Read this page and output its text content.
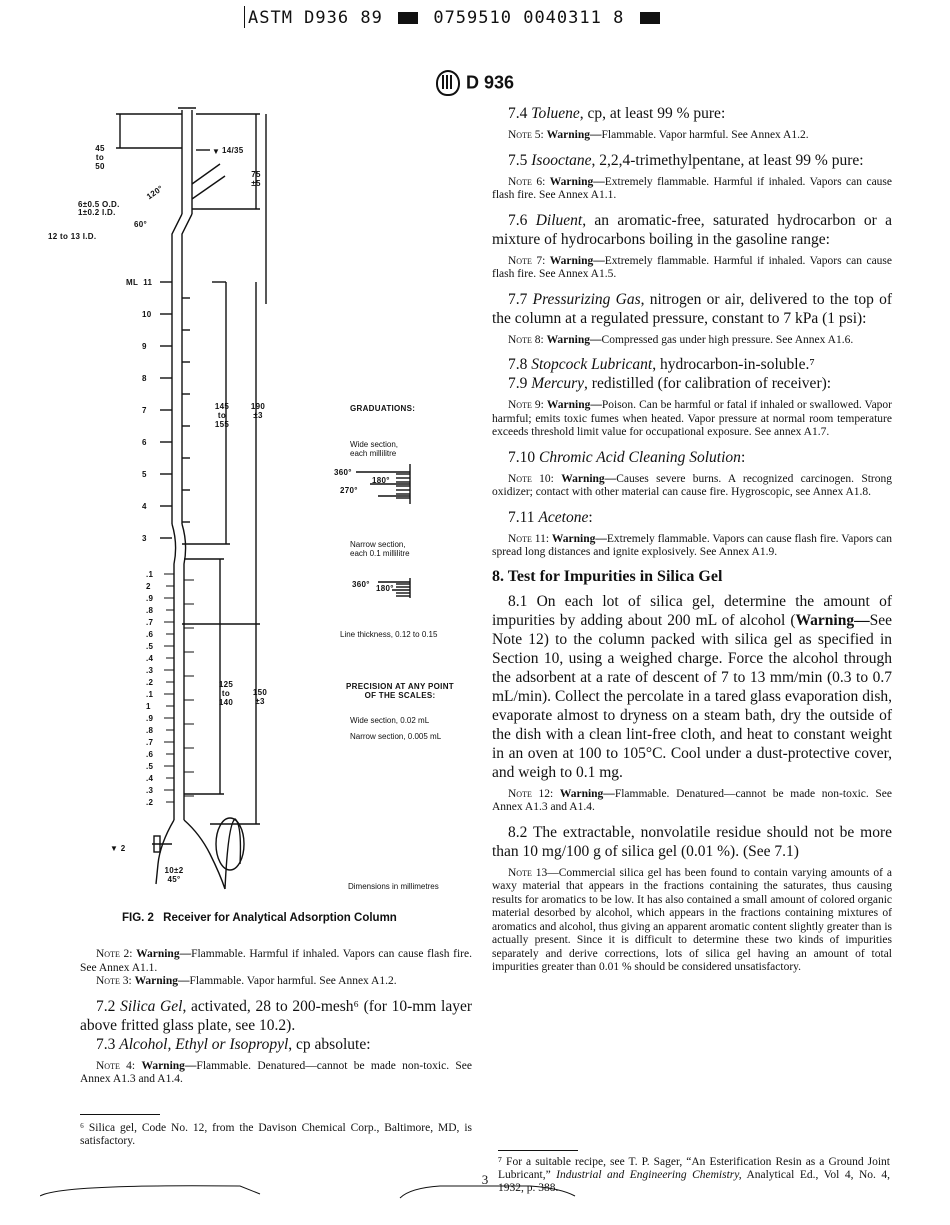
ASTM D936 89	0759510 0040311 8
D 936
▼
45
to
50
14/35
75
±5
6±0.5 O.D.
1±0.2 I.D.
12 to 13 I.D.
60°
120°
ML 11
10
9
8
7
6
5
4
3
.1
2
.9
.8
.7
.6
.5
.4
.3
.2
.1
1
.9
.8
.7
.6
.5
.4
.3
.2
145
to
155
190
±3
125
to
140
150
±3
▼ 2
10±2
45°
GRADUATIONS:
Wide section,
each millilitre
360°
180°
270°
Narrow section,
each 0.1 millilitre
360° 180°
Line thickness, 0.12 to 0.15
PRECISION AT ANY POINT
OF THE SCALES:
Wide section, 0.02 mL
Narrow section, 0.005 mL
Dimensions in millimetres
FIG. 2 Receiver for Analytical Adsorption Column

Note 2: Warning—Flammable. Harmful if inhaled. Vapors can cause flash fire. See Annex A1.1.

Note 3: Warning—Flammable. Vapor harmful. See Annex A1.2.

7.2 Silica Gel, activated, 28 to 200-mesh⁶ (for 10-mm layer above fritted glass plate, see 10.2).

7.3 Alcohol, Ethyl or Isopropyl, cp absolute:

Note 4: Warning—Flammable. Denatured—cannot be made non-toxic. See Annex A1.3 and A1.4.

7.4 Toluene, cp, at least 99 % pure:

Note 5: Warning—Flammable. Vapor harmful. See Annex A1.2.

7.5 Isooctane, 2,2,4-trimethylpentane, at least 99 % pure:

Note 6: Warning—Extremely flammable. Harmful if inhaled. Vapors can cause flash fire. See Annex A1.1.

7.6 Diluent, an aromatic-free, saturated hydrocarbon or a mixture of hydrocarbons boiling in the gasoline range:

Note 7: Warning—Extremely flammable. Harmful if inhaled. Vapors can cause flash fire. See Annex A1.5.

7.7 Pressurizing Gas, nitrogen or air, delivered to the top of the column at a regulated pressure, constant to 7 kPa (1 psi):

Note 8: Warning—Compressed gas under high pressure. See Annex A1.6.

7.8 Stopcock Lubricant, hydrocarbon-in-soluble.⁷

7.9 Mercury, redistilled (for calibration of receiver):

Note 9: Warning—Poison. Can be harmful or fatal if inhaled or swallowed. Vapor harmful; emits toxic fumes when heated. Vapor pressure at normal room temperature exceeds threshold limit value for occupational exposure. See annex A1.7.

7.10 Chromic Acid Cleaning Solution:

Note 10: Warning—Causes severe burns. A recognized carcinogen. Strong oxidizer; contact with other material can cause fire. Hygroscopic, see Annex A1.8.

7.11 Acetone:

Note 11: Warning—Extremely flammable. Vapors can cause flash fire. Vapors can spread long distances and ignite explosively. See Annex A1.9.

8. Test for Impurities in Silica Gel

8.1 On each lot of silica gel, determine the amount of impurities by adding about 200 mL of alcohol (Warning—See Note 12) to the column packed with silica gel as specified in Section 10, using a weighed charge. Force the alcohol through the adsorbent at a rate of descent of 7 to 13 mm/min (0.3 to 0.7 mL/min). Collect the percolate in a tared glass evaporation dish, evaporate almost to dryness on a steam bath, dry the outside of the dish with a clean lint-free cloth, and heat to constant weight in an oven at 100 to 105°C. Cool under a dust-protective cover, and weigh to 0.1 mg.

Note 12: Warning—Flammable. Denatured—cannot be made non-toxic. See Annex A1.3 and A1.4.

8.2 The extractable, nonvolatile residue should not be more than 10 mg/100 g of silica gel (0.01 %). (See 7.1)

Note 13—Commercial silica gel has been found to contain varying amounts of a waxy material that appears in the fractions containing the saturates, thus causing results for aromatics to be low. It has also contained a small amount of colored organic material desorbed by alcohol, which appears in the fractions containing mixtures of aromatics and alcohol, thus giving an apparent aromatic content slightly greater than is actually present. Since it is difficult to determine these two kinds of impurities separately and derive corrections, lots of silica gel having an amount of total impurities greater than 0.01 % should be considered unsatisfactory.

⁶ Silica gel, Code No. 12, from the Davison Chemical Corp., Baltimore, MD, is satisfactory.
⁷ For a suitable recipe, see T. P. Sager, “An Esterification Resin as a Ground Joint Lubricant,” Industrial and Engineering Chemistry, Analytical Ed., Vol 4, No. 4, 1932, p. 388.
3
